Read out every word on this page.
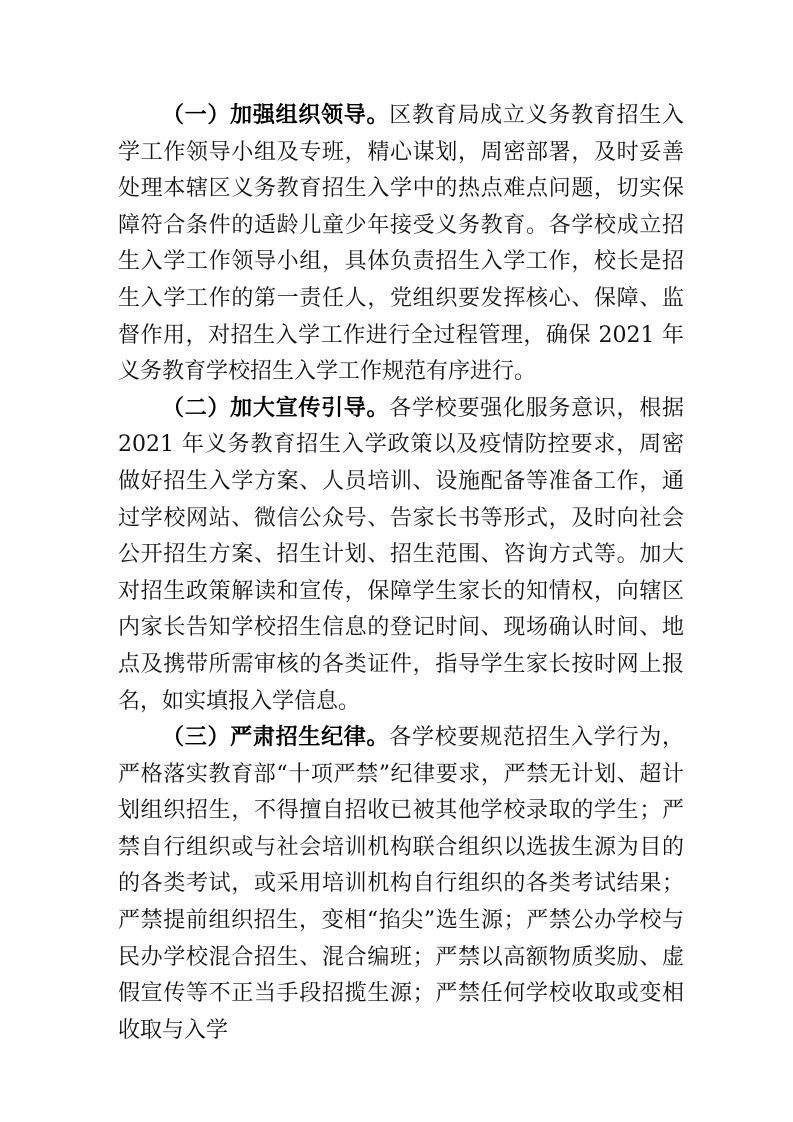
（一）加强组织领导。区教育局成立义务教育招生入学工作领导小组及专班，精心谋划，周密部署，及时妥善处理本辖区义务教育招生入学中的热点难点问题，切实保障符合条件的适龄儿童少年接受义务教育。各学校成立招生入学工作领导小组，具体负责招生入学工作，校长是招生入学工作的第一责任人，党组织要发挥核心、保障、监督作用，对招生入学工作进行全过程管理，确保 2021 年义务教育学校招生入学工作规范有序进行。

（二）加大宣传引导。各学校要强化服务意识，根据 2021 年义务教育招生入学政策以及疫情防控要求，周密做好招生入学方案、人员培训、设施配备等准备工作，通过学校网站、微信公众号、告家长书等形式，及时向社会公开招生方案、招生计划、招生范围、咨询方式等。加大对招生政策解读和宣传，保障学生家长的知情权，向辖区内家长告知学校招生信息的登记时间、现场确认时间、地点及携带所需审核的各类证件，指导学生家长按时网上报名，如实填报入学信息。

（三）严肃招生纪律。各学校要规范招生入学行为，严格落实教育部“十项严禁”纪律要求，严禁无计划、超计划组织招生，不得擅自招收已被其他学校录取的学生；严禁自行组织或与社会培训机构联合组织以选拔生源为目的的各类考试，或采用培训机构自行组织的各类考试结果；严禁提前组织招生，变相“掐尖”选生源；严禁公办学校与民办学校混合招生、混合编班；严禁以高额物质奖励、虚假宣传等不正当手段招揽生源；严禁任何学校收取或变相收取与入学
